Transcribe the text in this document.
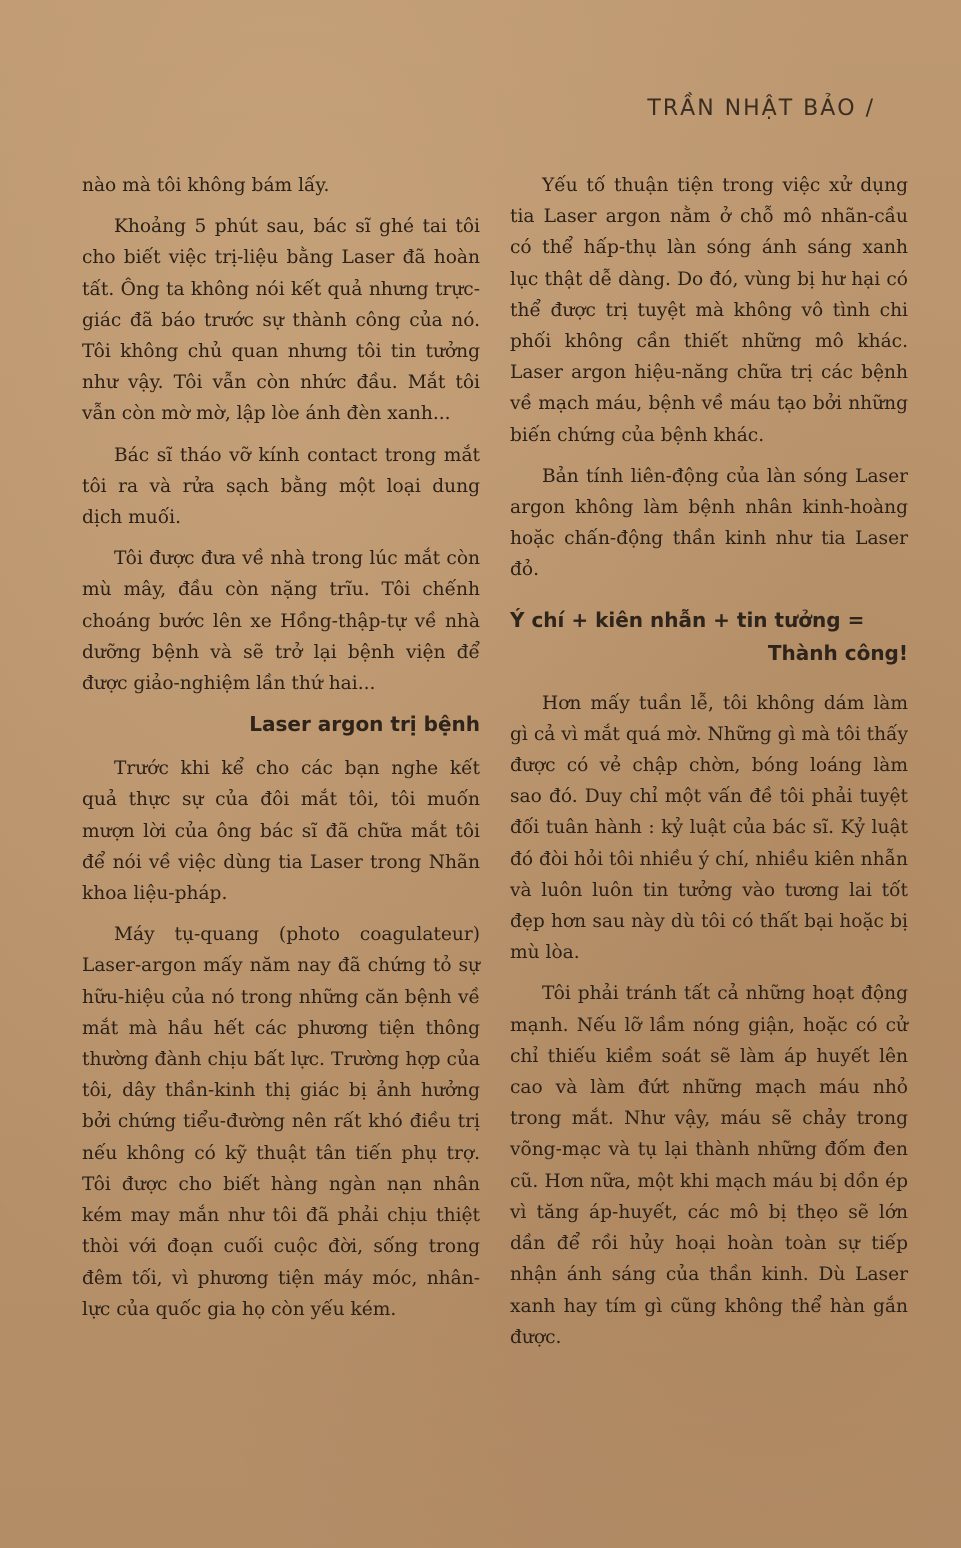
TRẦN NHẬT BẢO /

nào mà tôi không bám lấy.

Khoảng 5 phút sau, bác sĩ ghé tai tôi cho biết việc trị-liệu bằng Laser đã hoàn tất. Ông ta không nói kết quả nhưng trực-giác đã báo trước sự thành công của nó. Tôi không chủ quan nhưng tôi tin tưởng như vậy. Tôi vẫn còn nhức đầu. Mắt tôi vẫn còn mờ mờ, lập lòe ánh đèn xanh...

Bác sĩ tháo vỡ kính contact trong mắt tôi ra và rửa sạch bằng một loại dung dịch muối.

Tôi được đưa về nhà trong lúc mắt còn mù mây, đầu còn nặng trĩu. Tôi chếnh choáng bước lên xe Hồng-thập-tự về nhà dưỡng bệnh và sẽ trở lại bệnh viện để được giảo-nghiệm lần thứ hai...

Laser argon trị bệnh

Trước khi kể cho các bạn nghe kết quả thực sự của đôi mắt tôi, tôi muốn mượn lời của ông bác sĩ đã chữa mắt tôi để nói về việc dùng tia Laser trong Nhãn khoa liệu-pháp.

Máy tụ-quang (photo coagulateur) Laser-argon mấy năm nay đã chứng tỏ sự hữu-hiệu của nó trong những căn bệnh về mắt mà hầu hết các phương tiện thông thường đành chịu bất lực. Trường hợp của tôi, dây thần-kinh thị giác bị ảnh hưởng bởi chứng tiểu-đường nên rất khó điều trị nếu không có kỹ thuật tân tiến phụ trợ. Tôi được cho biết hàng ngàn nạn nhân kém may mắn như tôi đã phải chịu thiệt thòi với đoạn cuối cuộc đời, sống trong đêm tối, vì phương tiện máy móc, nhân-lực của quốc gia họ còn yếu kém.

Yếu tố thuận tiện trong việc xử dụng tia Laser argon nằm ở chỗ mô nhãn-cầu có thể hấp-thụ làn sóng ánh sáng xanh lục thật dễ dàng. Do đó, vùng bị hư hại có thể được trị tuyệt mà không vô tình chi phối không cần thiết những mô khác. Laser argon hiệu-năng chữa trị các bệnh về mạch máu, bệnh về máu tạo bởi những biến chứng của bệnh khác.

Bản tính liên-động của làn sóng Laser argon không làm bệnh nhân kinh-hoàng hoặc chấn-động thần kinh như tia Laser đỏ.

Ý chí + kiên nhẫn + tin tưởng =
Thành công!

Hơn mấy tuần lễ, tôi không dám làm gì cả vì mắt quá mờ. Những gì mà tôi thấy được có vẻ chập chờn, bóng loáng làm sao đó. Duy chỉ một vấn đề tôi phải tuyệt đối tuân hành : kỷ luật của bác sĩ. Kỷ luật đó đòi hỏi tôi nhiều ý chí, nhiều kiên nhẫn và luôn luôn tin tưởng vào tương lai tốt đẹp hơn sau này dù tôi có thất bại hoặc bị mù lòa.

Tôi phải tránh tất cả những hoạt động mạnh. Nếu lỡ lầm nóng giận, hoặc có cử chỉ thiếu kiềm soát sẽ làm áp huyết lên cao và làm đứt những mạch máu nhỏ trong mắt. Như vậy, máu sẽ chảy trong võng-mạc và tụ lại thành những đốm đen cũ. Hơn nữa, một khi mạch máu bị dồn ép vì tăng áp-huyết, các mô bị thẹo sẽ lớn dần để rồi hủy hoại hoàn toàn sự tiếp nhận ánh sáng của thần kinh. Dù Laser xanh hay tím gì cũng không thể hàn gắn được.
